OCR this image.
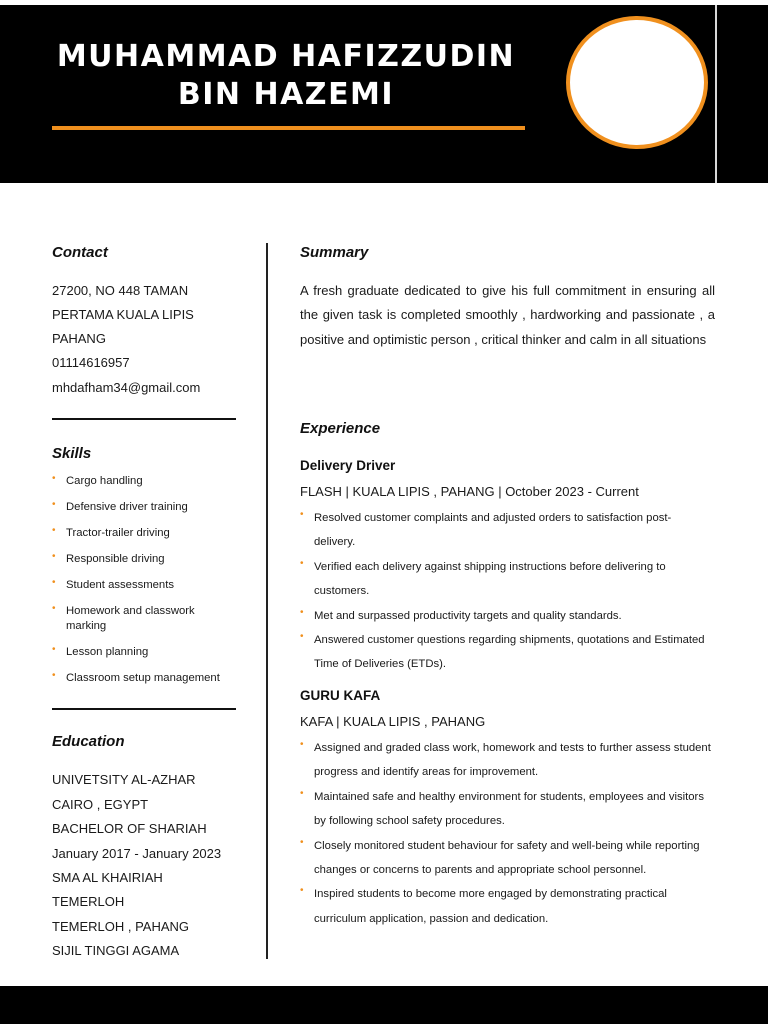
MUHAMMAD HAFIZZUDIN
BIN HAZEMI
Contact
27200, NO 448 TAMAN
PERTAMA KUALA LIPIS
PAHANG
01114616957
mhdafham34@gmail.com
Skills
• Cargo handling
• Defensive driver training
• Tractor-trailer driving
• Responsible driving
• Student assessments
• Homework and classwork marking
• Lesson planning
• Classroom setup management
Education
UNIVETSITY AL-AZHAR
CAIRO , EGYPT
BACHELOR OF SHARIAH
January 2017 - January 2023
SMA AL KHAIRIAH
TEMERLOH
TEMERLOH , PAHANG
SIJIL TINGGI AGAMA
Summary
A fresh graduate dedicated to give his full commitment in ensuring all the given task is completed smoothly , hardworking and passionate , a positive and optimistic person , critical thinker and calm in all situations
Experience
Delivery Driver
FLASH | KUALA LIPIS , PAHANG | October 2023 - Current
• Resolved customer complaints and adjusted orders to satisfaction post-delivery.
• Verified each delivery against shipping instructions before delivering to customers.
• Met and surpassed productivity targets and quality standards.
• Answered customer questions regarding shipments, quotations and Estimated Time of Deliveries (ETDs).
GURU KAFA
KAFA | KUALA LIPIS , PAHANG
• Assigned and graded class work, homework and tests to further assess student progress and identify areas for improvement.
• Maintained safe and healthy environment for students, employees and visitors by following school safety procedures.
• Closely monitored student behaviour for safety and well-being while reporting changes or concerns to parents and appropriate school personnel.
• Inspired students to become more engaged by demonstrating practical curriculum application, passion and dedication.
